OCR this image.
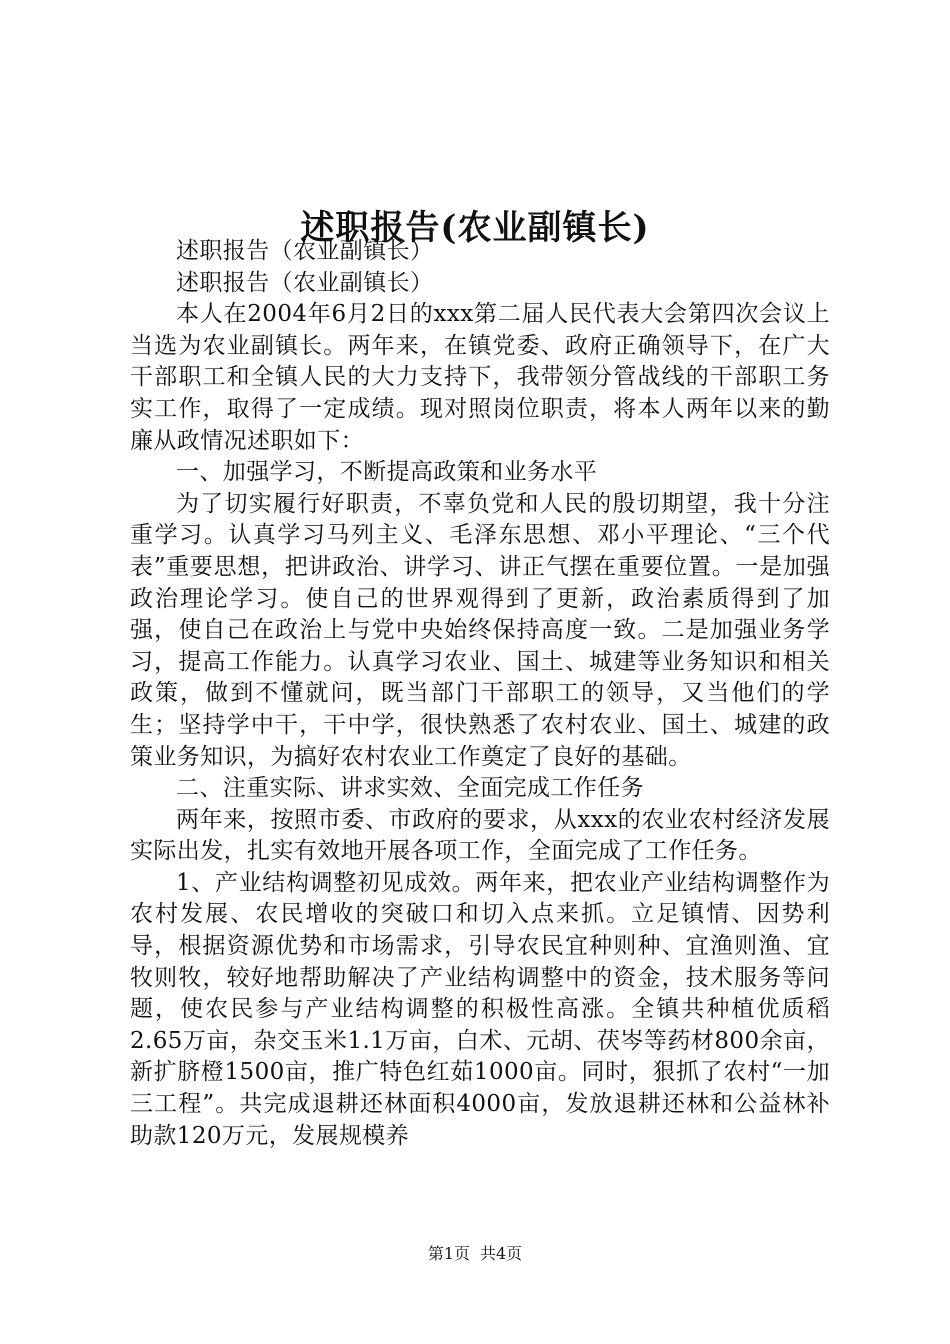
述职报告(农业副镇长)

述职报告（农业副镇长）

述职报告（农业副镇长）

本人在2004年6月2日的xxx第二届人民代表大会第四次会议上当选为农业副镇长。两年来，在镇党委、政府正确领导下，在广大干部职工和全镇人民的大力支持下，我带领分管战线的干部职工务实工作，取得了一定成绩。现对照岗位职责，将本人两年以来的勤廉从政情况述职如下：

一、加强学习，不断提高政策和业务水平

为了切实履行好职责，不辜负党和人民的殷切期望，我十分注重学习。认真学习马列主义、毛泽东思想、邓小平理论、“三个代表”重要思想，把讲政治、讲学习、讲正气摆在重要位置。一是加强政治理论学习。使自己的世界观得到了更新，政治素质得到了加强，使自己在政治上与党中央始终保持高度一致。二是加强业务学习，提高工作能力。认真学习农业、国土、城建等业务知识和相关政策，做到不懂就问，既当部门干部职工的领导，又当他们的学生；坚持学中干，干中学，很快熟悉了农村农业、国土、城建的政策业务知识，为搞好农村农业工作奠定了良好的基础。

二、注重实际、讲求实效、全面完成工作任务

两年来，按照市委、市政府的要求，从xxx的农业农村经济发展实际出发，扎实有效地开展各项工作，全面完成了工作任务。

1、产业结构调整初见成效。两年来，把农业产业结构调整作为农村发展、农民增收的突破口和切入点来抓。立足镇情、因势利导，根据资源优势和市场需求，引导农民宜种则种、宜渔则渔、宜牧则牧，较好地帮助解决了产业结构调整中的资金，技术服务等问题，使农民参与产业结构调整的积极性高涨。全镇共种植优质稻2.65万亩，杂交玉米1.1万亩，白术、元胡、茯岑等药材800余亩，新扩脐橙1500亩，推广特色红茹1000亩。同时，狠抓了农村“一加三工程”。共完成退耕还林面积4000亩，发放退耕还林和公益林补助款120万元，发展规模养

第1页 共4页
